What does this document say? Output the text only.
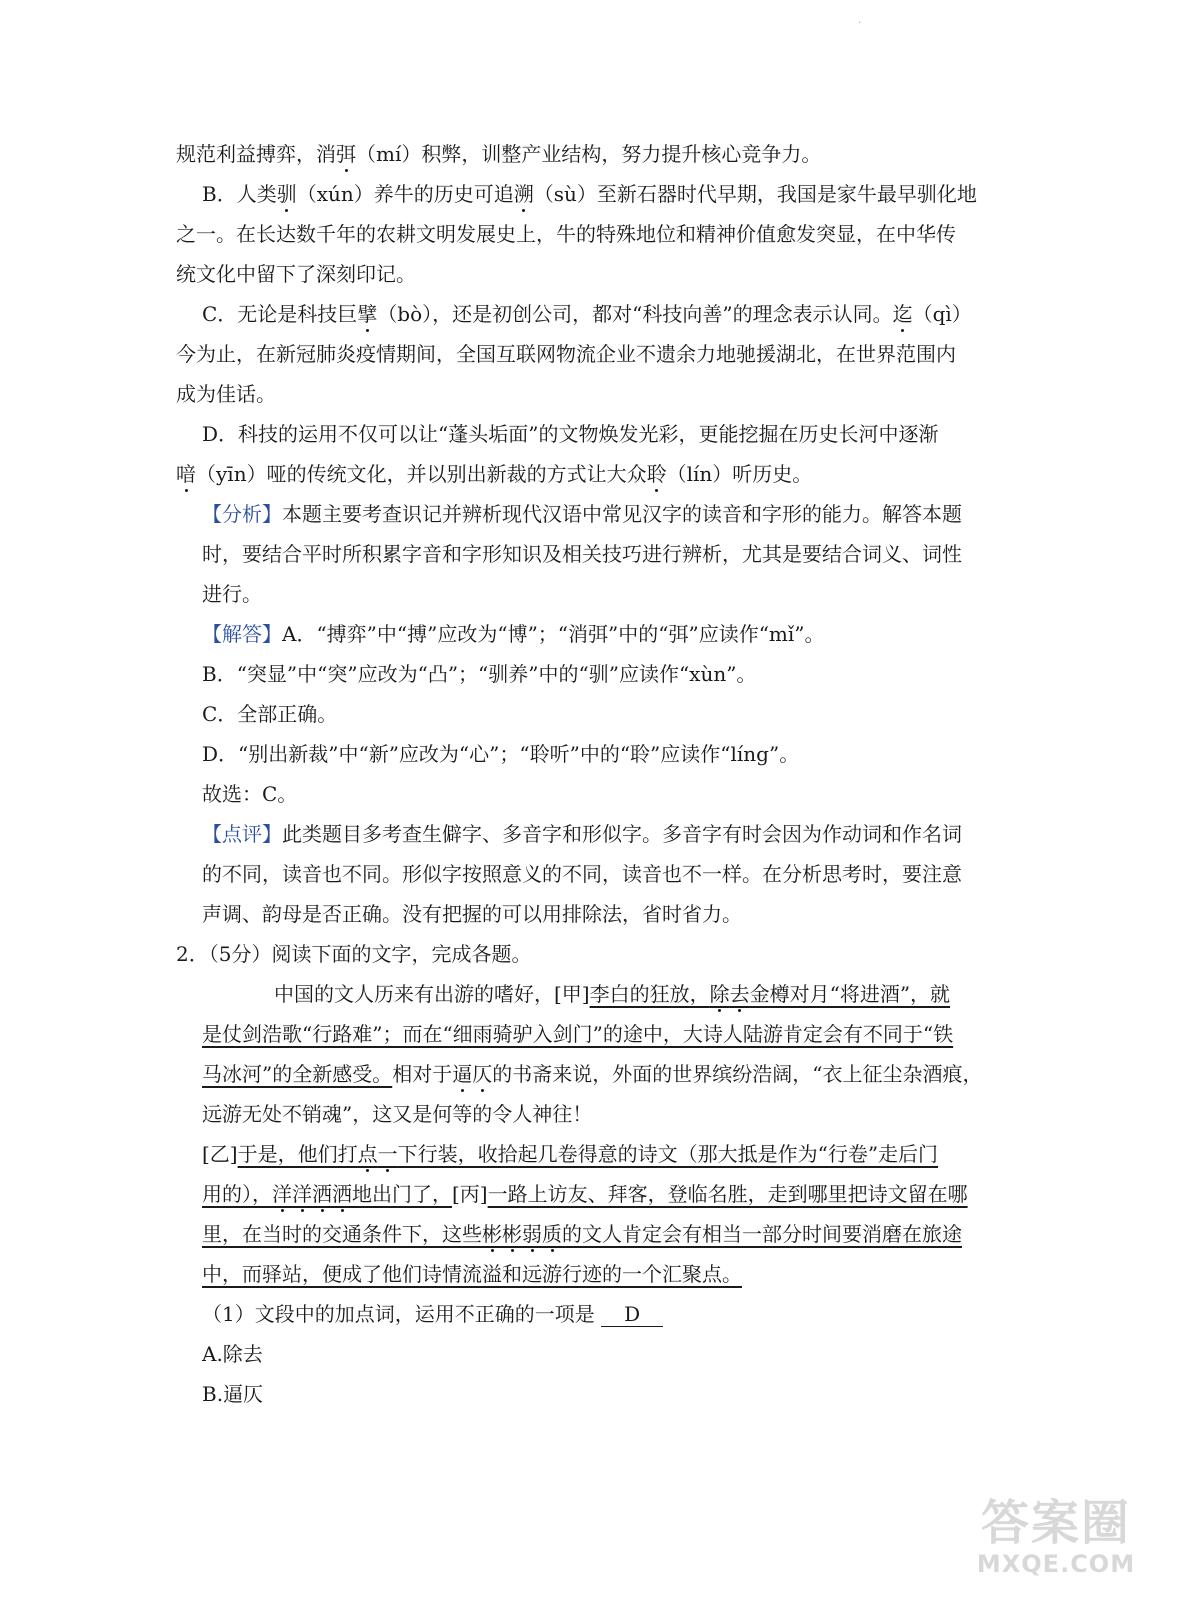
·
规范利益搏弈，消弭（mí）积弊，训整产业结构，努力提升核心竞争力。
B．人类驯（xún）养牛的历史可追溯（sù）至新石器时代早期，我国是家牛最早驯化地
之一。在长达数千年的农耕文明发展史上，牛的特殊地位和精神价值愈发突显，在中华传
统文化中留下了深刻印记。
C．无论是科技巨擘（bò），还是初创公司，都对“科技向善”的理念表示认同。迄（qì）
今为止，在新冠肺炎疫情期间，全国互联网物流企业不遗余力地驰援湖北，在世界范围内
成为佳话。
D．科技的运用不仅可以让“蓬头垢面”的文物焕发光彩，更能挖掘在历史长河中逐渐
喑（yīn）哑的传统文化，并以别出新裁的方式让大众聆（lín）听历史。
【分析】本题主要考查识记并辨析现代汉语中常见汉字的读音和字形的能力。解答本题
时，要结合平时所积累字音和字形知识及相关技巧进行辨析，尤其是要结合词义、词性
进行。
【解答】A．“搏弈”中“搏”应改为“博”；“消弭”中的“弭”应读作“mǐ”。
B．“突显”中“突”应改为“凸”；“驯养”中的“驯”应读作“xùn”。
C．全部正确。
D．“别出新裁”中“新”应改为“心”；“聆听”中的“聆”应读作“líng”。
故选：C。
【点评】此类题目多考查生僻字、多音字和形似字。多音字有时会因为作动词和作名词
的不同，读音也不同。形似字按照意义的不同，读音也不一样。在分析思考时，要注意
声调、韵母是否正确。没有把握的可以用排除法，省时省力。
2．（5分）阅读下面的文字，完成各题。
中国的文人历来有出游的嗜好，[甲]李白的狂放，除去金樽对月“将进酒”，就
是仗剑浩歌“行路难”；而在“细雨骑驴入剑门”的途中，大诗人陆游肯定会有不同于“铁
马冰河”的全新感受。相对于逼仄的书斋来说，外面的世界缤纷浩阔，“衣上征尘杂酒痕，
远游无处不销魂”，这又是何等的令人神往！
[乙]于是，他们打点一下行装，收拾起几卷得意的诗文（那大抵是作为“行卷”走后门
用的），洋洋洒洒地出门了，[丙]一路上访友、拜客，登临名胜，走到哪里把诗文留在哪
里，在当时的交通条件下，这些彬彬弱质的文人肯定会有相当一部分时间要消磨在旅途
中，而驿站，便成了他们诗情流溢和远游行迹的一个汇聚点。
（1）文段中的加点词，运用不正确的一项是 D
A.除去
B.逼仄
答案圈
MXQE.COM
